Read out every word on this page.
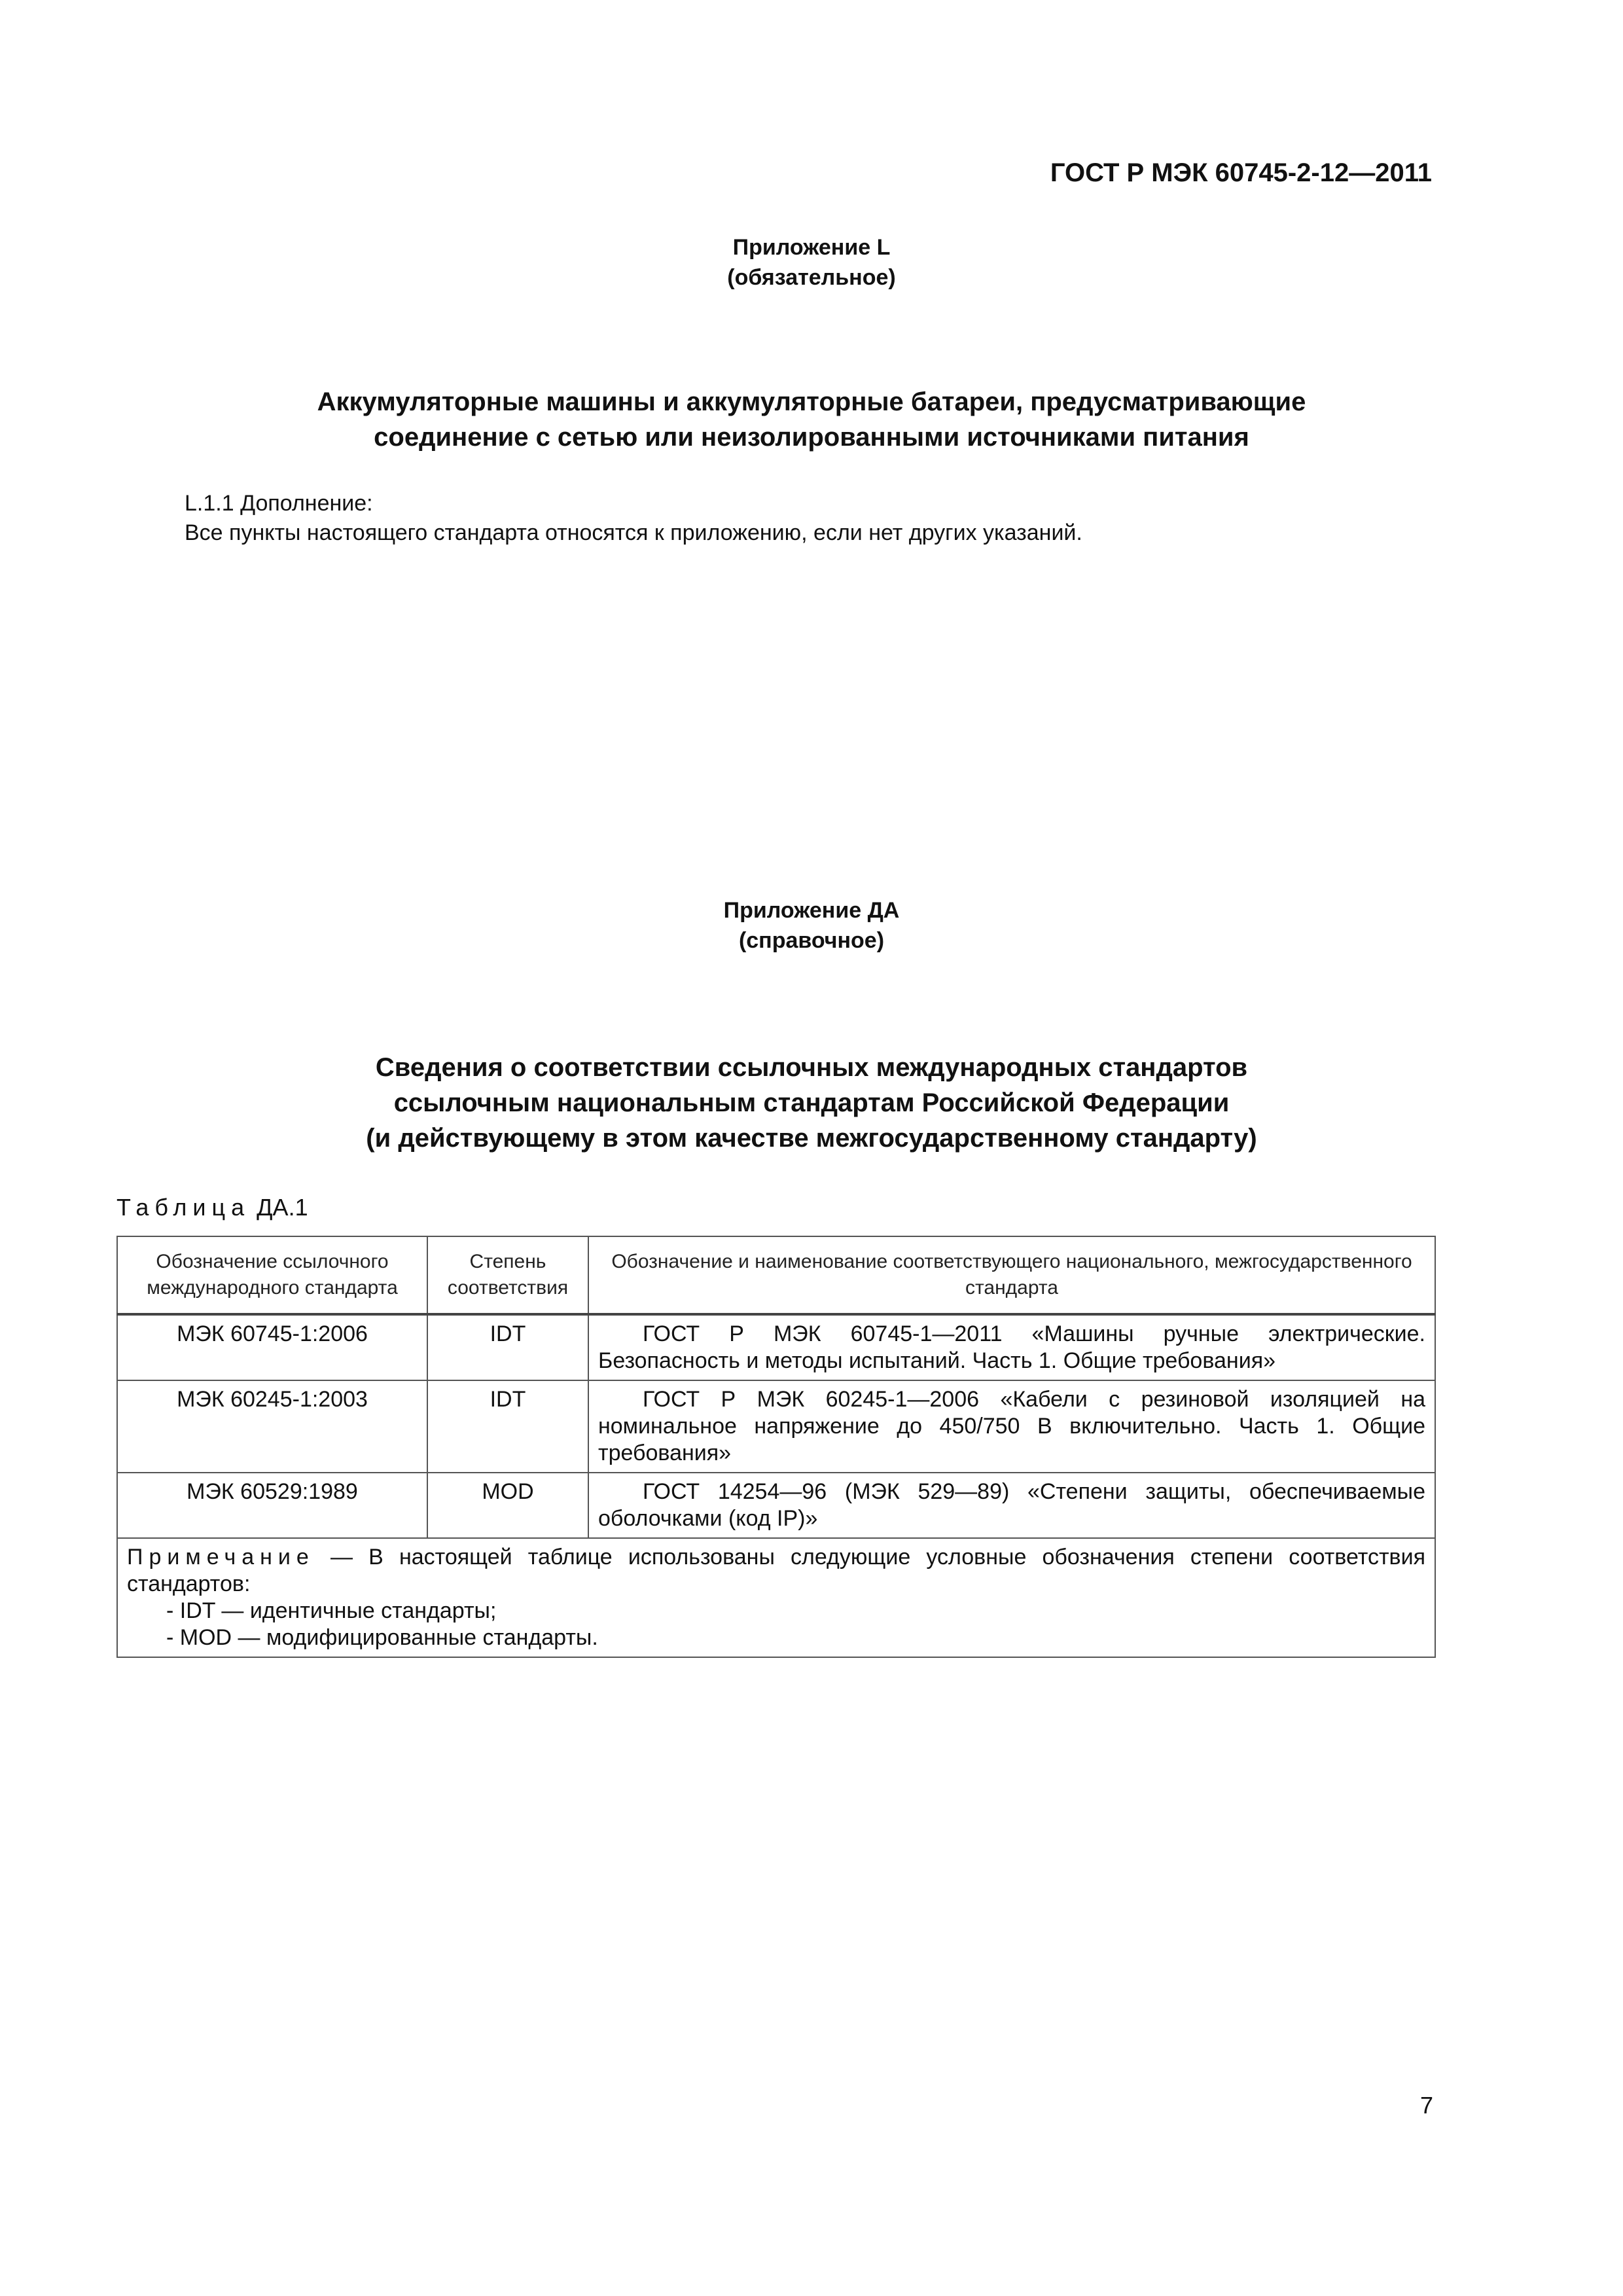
ГОСТ Р МЭК 60745-2-12—2011
Приложение L
(обязательное)
Аккумуляторные машины и аккумуляторные батареи, предусматривающие
соединение с сетью или неизолированными источниками питания
L.1.1 Дополнение:
Все пункты настоящего стандарта относятся к приложению, если нет других указаний.
Приложение ДА
(справочное)
Сведения о соответствии ссылочных международных стандартов
ссылочным национальным стандартам Российской Федерации
(и действующему в этом качестве межгосударственному стандарту)
Таблица ДА.1
Обозначение ссылочного международного стандарта	Степень соответствия	Обозначение и наименование соответствующего национального, межгосударственного стандарта
МЭК 60745-1:2006	IDT	ГОСТ Р МЭК 60745-1—2011 «Машины ручные электрические. Безопасность и методы испытаний. Часть 1. Общие требования»
МЭК 60245-1:2003	IDT	ГОСТ Р МЭК 60245-1—2006 «Кабели с резиновой изоляцией на номинальное напряжение до 450/750 В включительно. Часть 1. Общие требования»
МЭК 60529:1989	MOD	ГОСТ 14254—96 (МЭК 529—89) «Степени защиты, обеспечиваемые оболочками (код IP)»
Примечание — В настоящей таблице использованы следующие условные обозначения степени соответствия стандартов:
- IDT — идентичные стандарты;
- MOD — модифицированные стандарты.		
7
